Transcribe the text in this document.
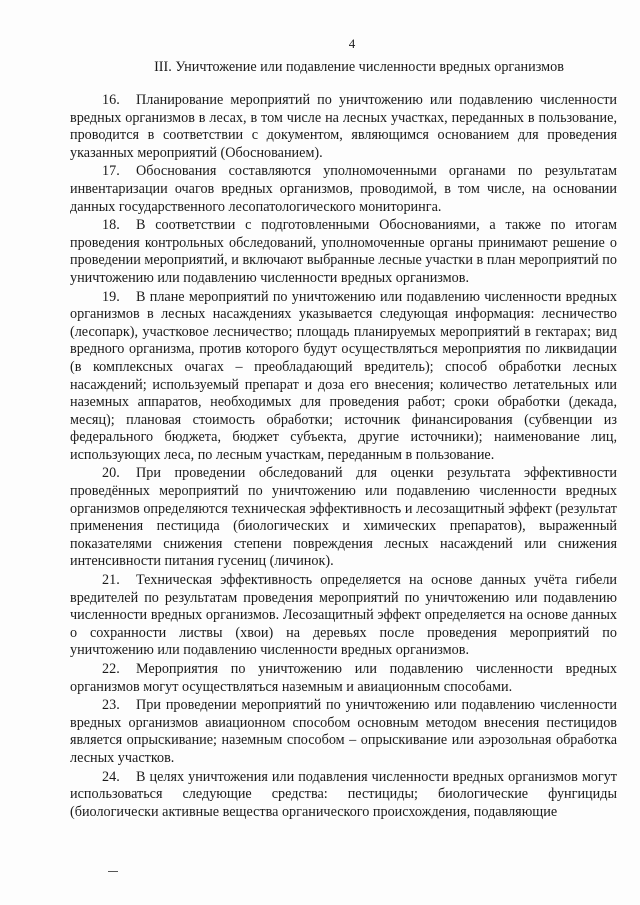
4
III. Уничтожение или подавление численности вредных организмов

16. Планирование мероприятий по уничтожению или подавлению численности вредных организмов в лесах, в том числе на лесных участках, переданных в пользование, проводится в соответствии с документом, являющимся основанием для проведения указанных мероприятий (Обоснованием).

17. Обоснования составляются уполномоченными органами по результатам инвентаризации очагов вредных организмов, проводимой, в том числе, на основании данных государственного лесопатологического мониторинга.

18. В соответствии с подготовленными Обоснованиями, а также по итогам проведения контрольных обследований, уполномоченные органы принимают решение о проведении мероприятий, и включают выбранные лесные участки в план мероприятий по уничтожению или подавлению численности вредных организмов.

19. В плане мероприятий по уничтожению или подавлению численности вредных организмов в лесных насаждениях указывается следующая информация: лесничество (лесопарк), участковое лесничество; площадь планируемых мероприятий в гектарах; вид вредного организма, против которого будут осуществляться мероприятия по ликвидации (в комплексных очагах – преобладающий вредитель); способ обработки лесных насаждений; используемый препарат и доза его внесения; количество летательных или наземных аппаратов, необходимых для проведения работ; сроки обработки (декада, месяц); плановая стоимость обработки; источник финансирования (субвенции из федерального бюджета, бюджет субъекта, другие источники); наименование лиц, использующих леса, по лесным участкам, переданным в пользование.

20. При проведении обследований для оценки результата эффективности проведённых мероприятий по уничтожению или подавлению численности вредных организмов определяются техническая эффективность и лесозащитный эффект (результат применения пестицида (биологических и химических препаратов), выраженный показателями снижения степени повреждения лесных насаждений или снижения интенсивности питания гусениц (личинок).

21. Техническая эффективность определяется на основе данных учёта гибели вредителей по результатам проведения мероприятий по уничтожению или подавлению численности вредных организмов. Лесозащитный эффект определяется на основе данных о сохранности листвы (хвои) на деревьях после проведения мероприятий по уничтожению или подавлению численности вредных организмов.

22. Мероприятия по уничтожению или подавлению численности вредных организмов могут осуществляться наземным и авиационным способами.

23. При проведении мероприятий по уничтожению или подавлению численности вредных организмов авиационном способом основным методом внесения пестицидов является опрыскивание; наземным способом – опрыскивание или аэрозольная обработка лесных участков.

24. В целях уничтожения или подавления численности вредных организмов могут использоваться следующие средства: пестициды; биологические фунгициды (биологически активные вещества органического происхождения, подавляющие
